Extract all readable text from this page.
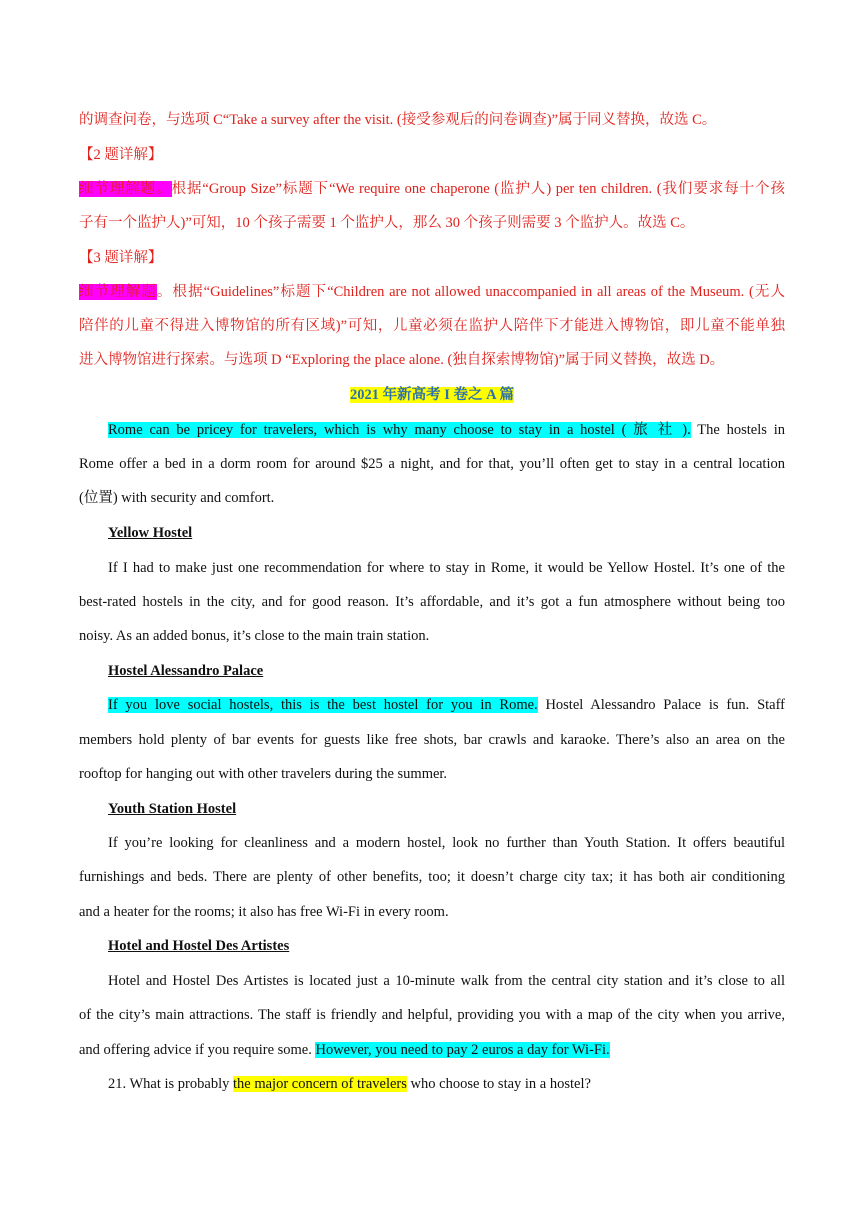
的调查问卷，与选项 C“Take a survey after the visit. (接受参观后的问卷调查)”属于同义替换，故选 C。
【2 题详解】
细节理解题。根据“Group Size”标题下“We require one chaperone (监护人) per ten children. (我们要求每十个孩
子有一个监护人)”可知，10 个孩子需要 1 个监护人，那么 30 个孩子则需要 3 个监护人。故选 C。
【3 题详解】
细节理解题。根据“Guidelines”标题下“Children are not allowed unaccompanied in all areas of the Museum. (无人
陪伴的儿童不得进入博物馆的所有区域)”可知，儿童必须在监护人陪伴下才能进入博物馆，即儿童不能单独
进入博物馆进行探索。与选项 D “Exploring the place alone. (独自探索博物馆)”属于同义替换，故选 D。
2021 年新高考 I 卷之 A 篇
Rome can be pricey for travelers, which is why many choose to stay in a hostel ( 旅 社 ). The hostels in
Rome offer a bed in a dorm room for around $25 a night, and for that, you’ll often get to stay in a central location
(位置) with security and comfort.
Yellow Hostel
If I had to make just one recommendation for where to stay in Rome, it would be Yellow Hostel. It’s one of the
best-rated hostels in the city, and for good reason. It’s affordable, and it’s got a fun atmosphere without being too
noisy. As an added bonus, it’s close to the main train station.
Hostel Alessandro Palace
If you love social hostels, this is the best hostel for you in Rome. Hostel Alessandro Palace is fun. Staff
members hold plenty of bar events for guests like free shots, bar crawls and karaoke. There’s also an area on the
rooftop for hanging out with other travelers during the summer.
Youth Station Hostel
If you’re looking for cleanliness and a modern hostel, look no further than Youth Station. It offers beautiful
furnishings and beds. There are plenty of other benefits, too; it doesn’t charge city tax; it has both air conditioning
and a heater for the rooms; it also has free Wi-Fi in every room.
Hotel and Hostel Des Artistes
Hotel and Hostel Des Artistes is located just a 10-minute walk from the central city station and it’s close to all
of the city’s main attractions. The staff is friendly and helpful, providing you with a map of the city when you arrive,
and offering advice if you require some. However, you need to pay 2 euros a day for Wi-Fi.
21. What is probably the major concern of travelers who choose to stay in a hostel?
